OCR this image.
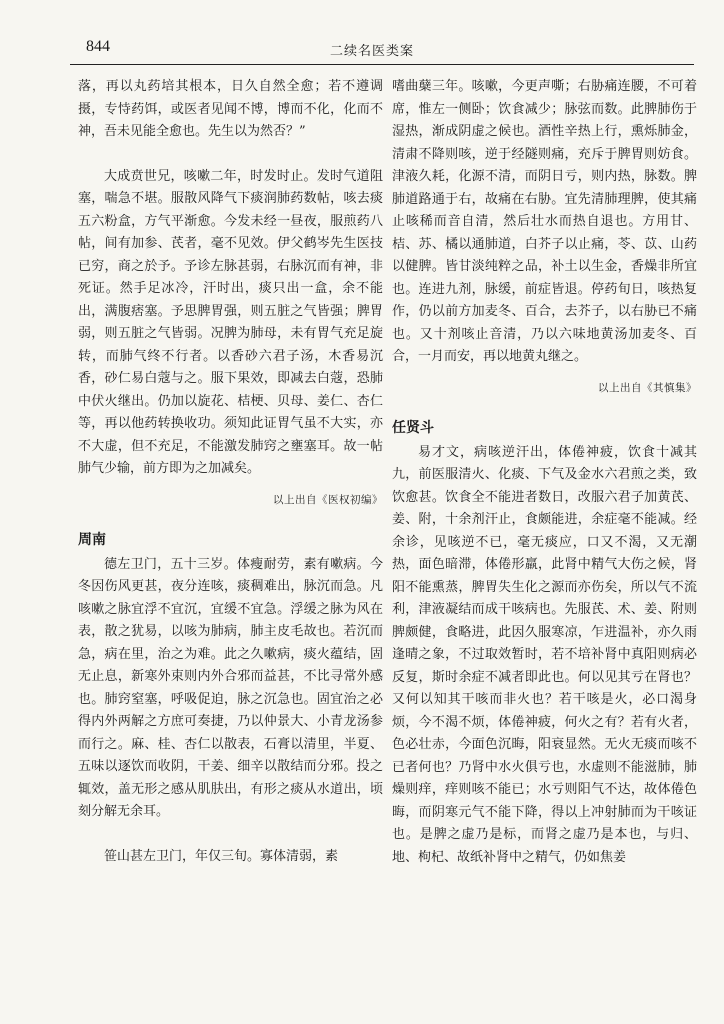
844	二续名医类案

落，再以丸药培其根本，日久自然全愈；若不遵调摄，专恃药饵，或医者见闻不博，博而不化，化而不神，吾未见能全愈也。先生以为然否？”

大成贲世兄，咳嗽二年，时发时止。发时气道阻塞，喘急不堪。服散风降气下痰润肺药数帖，咳去痰五六粉盒，方气平渐愈。今发未经一昼夜，服煎药八帖，间有加参、芪者，毫不见效。伊父鹤岑先生医技已穷，商之於予。予诊左脉甚弱，右脉沉而有神，非死证。然手足冰冷，汗时出，痰只出一盒，余不能出，满腹痞塞。予思脾胃强，则五脏之气皆强；脾胃弱，则五脏之气皆弱。况脾为肺母，未有胃气充足旋转，而肺气终不行者。以香砂六君子汤，木香易沉香，砂仁易白蔻与之。服下果效，即减去白蔻，恐肺中伏火继出。仍加以旋花、桔梗、贝母、姜仁、杏仁等，再以他药转换收功。须知此证胃气虽不大实，亦不大虚，但不充足，不能激发肺窍之壅塞耳。故一帖肺气少输，前方即为之加减矣。

以上出自《医权初编》
周南

德左卫门，五十三岁。体瘦耐劳，素有嗽病。今冬因伤风更甚，夜分连咳，痰稠难出，脉沉而急。凡咳嗽之脉宜浮不宜沉，宜缓不宜急。浮缓之脉为风在表，散之犹易，以咳为肺病，肺主皮毛故也。若沉而急，病在里，治之为难。此之久嗽病，痰火蕴结，固无止息，新寒外束则内外合邪而益甚，不比寻常外感也。肺窍窒塞，呼吸促迫，脉之沉急也。固宜治之必得内外两解之方庶可奏捷，乃以仲景大、小青龙汤参而行之。麻、桂、杏仁以散表，石膏以清里，半夏、五味以逐饮而收阴，干姜、细辛以散结而分邪。投之辄效，盖无形之感从肌肤出，有形之痰从水道出，顷刻分解无余耳。

笹山甚左卫门，年仅三旬。寡体清弱，素

嗜曲蘖三年。咳嗽，今更声嘶；右胁痛连腰，不可着席，惟左一侧卧；饮食减少；脉弦而数。此脾肺伤于湿热，渐成阴虚之候也。酒性辛热上行，熏烁肺金，清肃不降则咳，逆于经隧则痛，充斥于脾胃则妨食。津液久耗，化源不清，而阴日亏，则内热，脉数。脾肺道路通于右，故痛在右胁。宜先清肺理脾，使其痛止咳稀而音自清，然后壮水而热自退也。方用甘、桔、苏、橘以通肺道，白芥子以止痛，苓、苡、山药以健脾。皆甘淡纯粹之品，补土以生金，香燥非所宜也。连进九剂，脉缓，前症皆退。停药旬日，咳热复作，仍以前方加麦冬、百合，去芥子，以右胁已不痛也。又十剂咳止音清，乃以六味地黄汤加麦冬、百合，一月而安，再以地黄丸继之。

以上出自《其慎集》
任贤斗

易才文，病咳逆汗出，体倦神疲，饮食十减其九，前医服清火、化痰、下气及金水六君煎之类，致饮愈甚。饮食全不能进者数日，改服六君子加黄芪、姜、附，十余剂汗止，食颇能进，余症毫不能减。经余诊，见咳逆不已，毫无痰应，口又不渴，又无潮热，面色暗滞，体倦形羸，此肾中精气大伤之候，肾阳不能熏蒸，脾胃失生化之源而亦伤矣，所以气不流利，津液凝结而成干咳病也。先服芪、术、姜、附则脾颇健，食略进，此因久服寒凉，乍进温补，亦久雨逢晴之象，不过取效暂时，若不培补肾中真阳则病必反复，斯时余症不减者即此也。何以见其亏在肾也？又何以知其干咳而非火也？若干咳是火，必口渴身烦，今不渴不烦，体倦神疲，何火之有？若有火者，色必壮赤，今面色沉晦，阳衰显然。无火无痰而咳不已者何也？乃肾中水火俱亏也，水虚则不能滋肺，肺燥则痒，痒则咳不能已；水亏则阳气不达，故体倦色晦，而阴寒元气不能下降，得以上冲射肺而为干咳证也。是脾之虚乃是标，而肾之虚乃是本也，与归、地、枸杞、故纸补肾中之精气，仍如焦姜
